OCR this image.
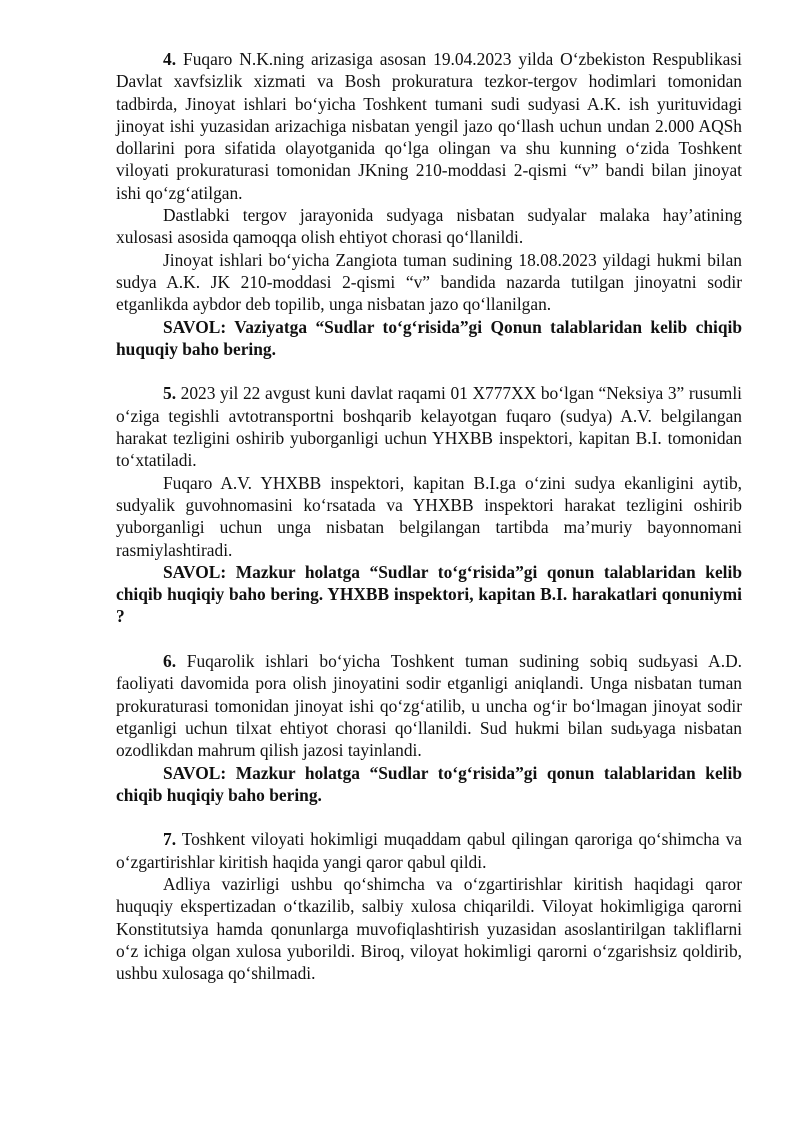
4. Fuqaro N.K.ning arizasiga asosan 19.04.2023 yilda O‘zbekiston Respublikasi Davlat xavfsizlik xizmati va Bosh prokuratura tezkor-tergov hodimlari tomonidan tadbirda, Jinoyat ishlari bo‘yicha Toshkent tumani sudi sudyasi A.K. ish yurituvidagi jinoyat ishi yuzasidan arizachiga nisbatan yengil jazo qo‘llash uchun undan 2.000 AQSh dollarini pora sifatida olayotganida qo‘lga olingan va shu kunning o‘zida Toshkent viloyati prokuraturasi tomonidan JKning 210-moddasi 2-qismi “v” bandi bilan jinoyat ishi qo‘zg‘atilgan.

Dastlabki tergov jarayonida sudyaga nisbatan sudyalar malaka hay’atining xulosasi asosida qamoqqa olish ehtiyot chorasi qo‘llanildi.

Jinoyat ishlari bo‘yicha Zangiota tuman sudining 18.08.2023 yildagi hukmi bilan sudya A.K. JK 210-moddasi 2-qismi “v” bandida nazarda tutilgan jinoyatni sodir etganlikda aybdor deb topilib, unga nisbatan jazo qo‘llanilgan.

SAVOL: Vaziyatga “Sudlar to‘g‘risida”gi Qonun talablaridan kelib chiqib huquqiy baho bering.

5. 2023 yil 22 avgust kuni davlat raqami 01 X777XX bo‘lgan “Neksiya 3” rusumli o‘ziga tegishli avtotransportni boshqarib kelayotgan fuqaro (sudya) A.V. belgilangan harakat tezligini oshirib yuborganligi uchun YHXBB inspektori, kapitan B.I. tomonidan to‘xtatiladi.

Fuqaro A.V. YHXBB inspektori, kapitan B.I.ga o‘zini sudya ekanligini aytib, sudyalik guvohnomasini ko‘rsatada va YHXBB inspektori harakat tezligini oshirib yuborganligi uchun unga nisbatan belgilangan tartibda ma’muriy bayonnomani rasmiylashtiradi.

SAVOL: Mazkur holatga “Sudlar to‘g‘risida”gi qonun talablaridan kelib chiqib huqiqiy baho bering. YHXBB inspektori, kapitan B.I. harakatlari qonuniymi ?

6. Fuqarolik ishlari bo‘yicha Toshkent tuman sudining sobiq sudьyasi A.D. faoliyati davomida pora olish jinoyatini sodir etganligi aniqlandi. Unga nisbatan tuman prokuraturasi tomonidan jinoyat ishi qo‘zg‘atilib, u uncha og‘ir bo‘lmagan jinoyat sodir etganligi uchun tilxat ehtiyot chorasi qo‘llanildi. Sud hukmi bilan sudьyaga nisbatan ozodlikdan mahrum qilish jazosi tayinlandi.

SAVOL: Mazkur holatga “Sudlar to‘g‘risida”gi qonun talablaridan kelib chiqib huqiqiy baho bering.

7. Toshkent viloyati hokimligi muqaddam qabul qilingan qaroriga qo‘shimcha va o‘zgartirishlar kiritish haqida yangi qaror qabul qildi.

Adliya vazirligi ushbu qo‘shimcha va o‘zgartirishlar kiritish haqidagi qaror huquqiy ekspertizadan o‘tkazilib, salbiy xulosa chiqarildi. Viloyat hokimligiga qarorni Konstitutsiya hamda qonunlarga muvofiqlashtirish yuzasidan asoslantirilgan takliflarni o‘z ichiga olgan xulosa yuborildi. Biroq, viloyat hokimligi qarorni o‘zgarishsiz qoldirib, ushbu xulosaga qo‘shilmadi.
